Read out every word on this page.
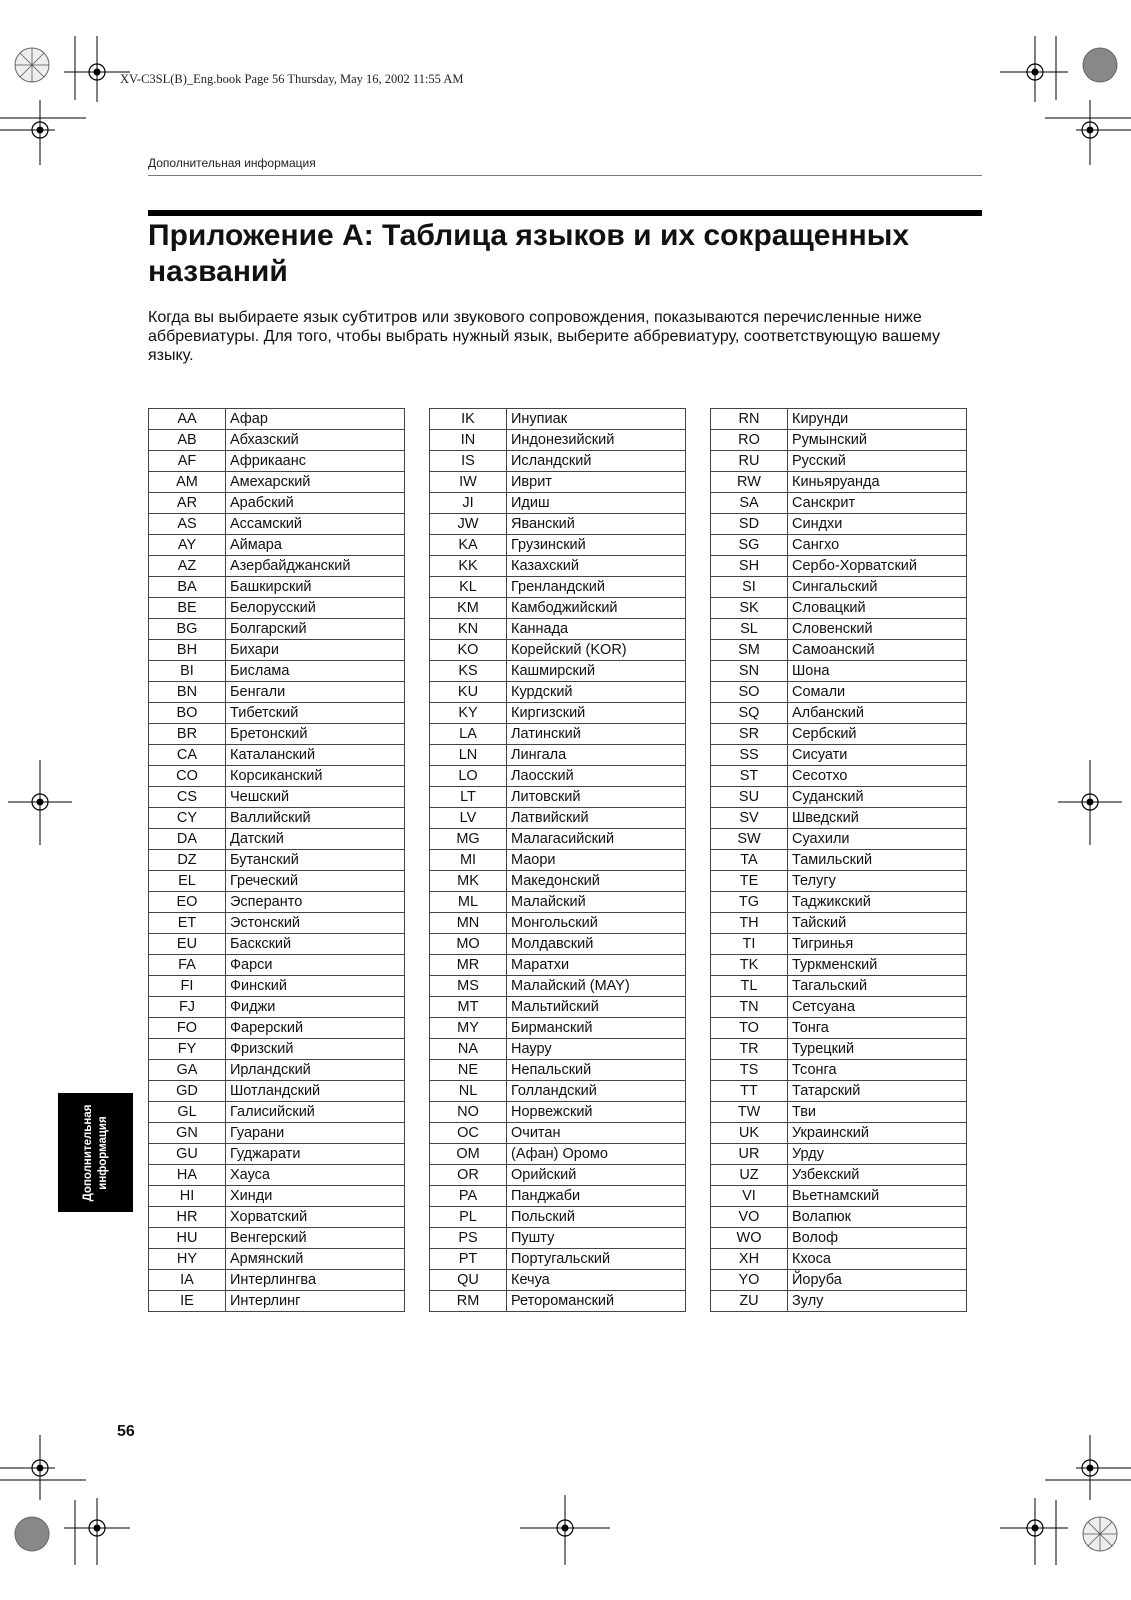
XV-C3SL(B)_Eng.book Page 56 Thursday, May 16, 2002 11:55 AM
Дополнительная информация
Приложение A: Таблица языков и их сокращенных названий
Когда вы выбираете язык субтитров или звукового сопровождения, показываются перечисленные ниже аббревиатуры. Для того, чтобы выбрать нужный язык, выберите аббревиатуру, соответствующую вашему языку.
AA	Афар
AB	Абхазский
AF	Африкаанс
AM	Амехарский
AR	Арабский
AS	Ассамский
AY	Аймара
AZ	Азербайджанский
BA	Башкирский
BE	Белорусский
BG	Болгарский
BH	Бихари
BI	Бислама
BN	Бенгали
BO	Тибетский
BR	Бретонский
CA	Каталанский
CO	Корсиканский
CS	Чешский
CY	Валлийский
DA	Датский
DZ	Бутанский
EL	Греческий
EO	Эсперанто
ET	Эстонский
EU	Баскский
FA	Фарси
FI	Финский
FJ	Фиджи
FO	Фарерский
FY	Фризский
GA	Ирландский
GD	Шотландский
GL	Галисийский
GN	Гуарани
GU	Гуджарати
HA	Хауса
HI	Хинди
HR	Хорватский
HU	Венгерский
HY	Армянский
IA	Интерлингва
IE	Интерлинг
IK	Инупиак
IN	Индонезийский
IS	Исландский
IW	Иврит
JI	Идиш
JW	Яванский
KA	Грузинский
KK	Казахский
KL	Гренландский
KM	Камбоджийский
KN	Каннада
KO	Корейский (KOR)
KS	Кашмирский
KU	Курдский
KY	Киргизский
LA	Латинский
LN	Лингала
LO	Лаосский
LT	Литовский
LV	Латвийский
MG	Малагасийский
MI	Маори
MK	Македонский
ML	Малайский
MN	Монгольский
MO	Молдавский
MR	Маратхи
MS	Малайский (MAY)
MT	Мальтийский
MY	Бирманский
NA	Науру
NE	Непальский
NL	Голландский
NO	Норвежский
OC	Очитан
OM	(Афан) Оромо
OR	Орийский
PA	Панджаби
PL	Польский
PS	Пушту
PT	Португальский
QU	Кечуа
RM	Ретороманский
RN	Кирунди
RO	Румынский
RU	Русский
RW	Киньяруанда
SA	Санскрит
SD	Синдхи
SG	Сангхо
SH	Сербо-Хорватский
SI	Сингальский
SK	Словацкий
SL	Словенский
SM	Самоанский
SN	Шона
SO	Сомали
SQ	Албанский
SR	Сербский
SS	Сисуати
ST	Сесотхо
SU	Суданский
SV	Шведский
SW	Суахили
TA	Тамильский
TE	Телугу
TG	Таджикский
TH	Тайский
TI	Тигринья
TK	Туркменский
TL	Тагальский
TN	Сетсуана
TO	Тонга
TR	Турецкий
TS	Тсонга
TT	Татарский
TW	Тви
UK	Украинский
UR	Урду
UZ	Узбекский
VI	Вьетнамский
VO	Волапюк
WO	Волоф
XH	Кхоса
YO	Йоруба
ZU	Зулу
Дополнительная информация
56
